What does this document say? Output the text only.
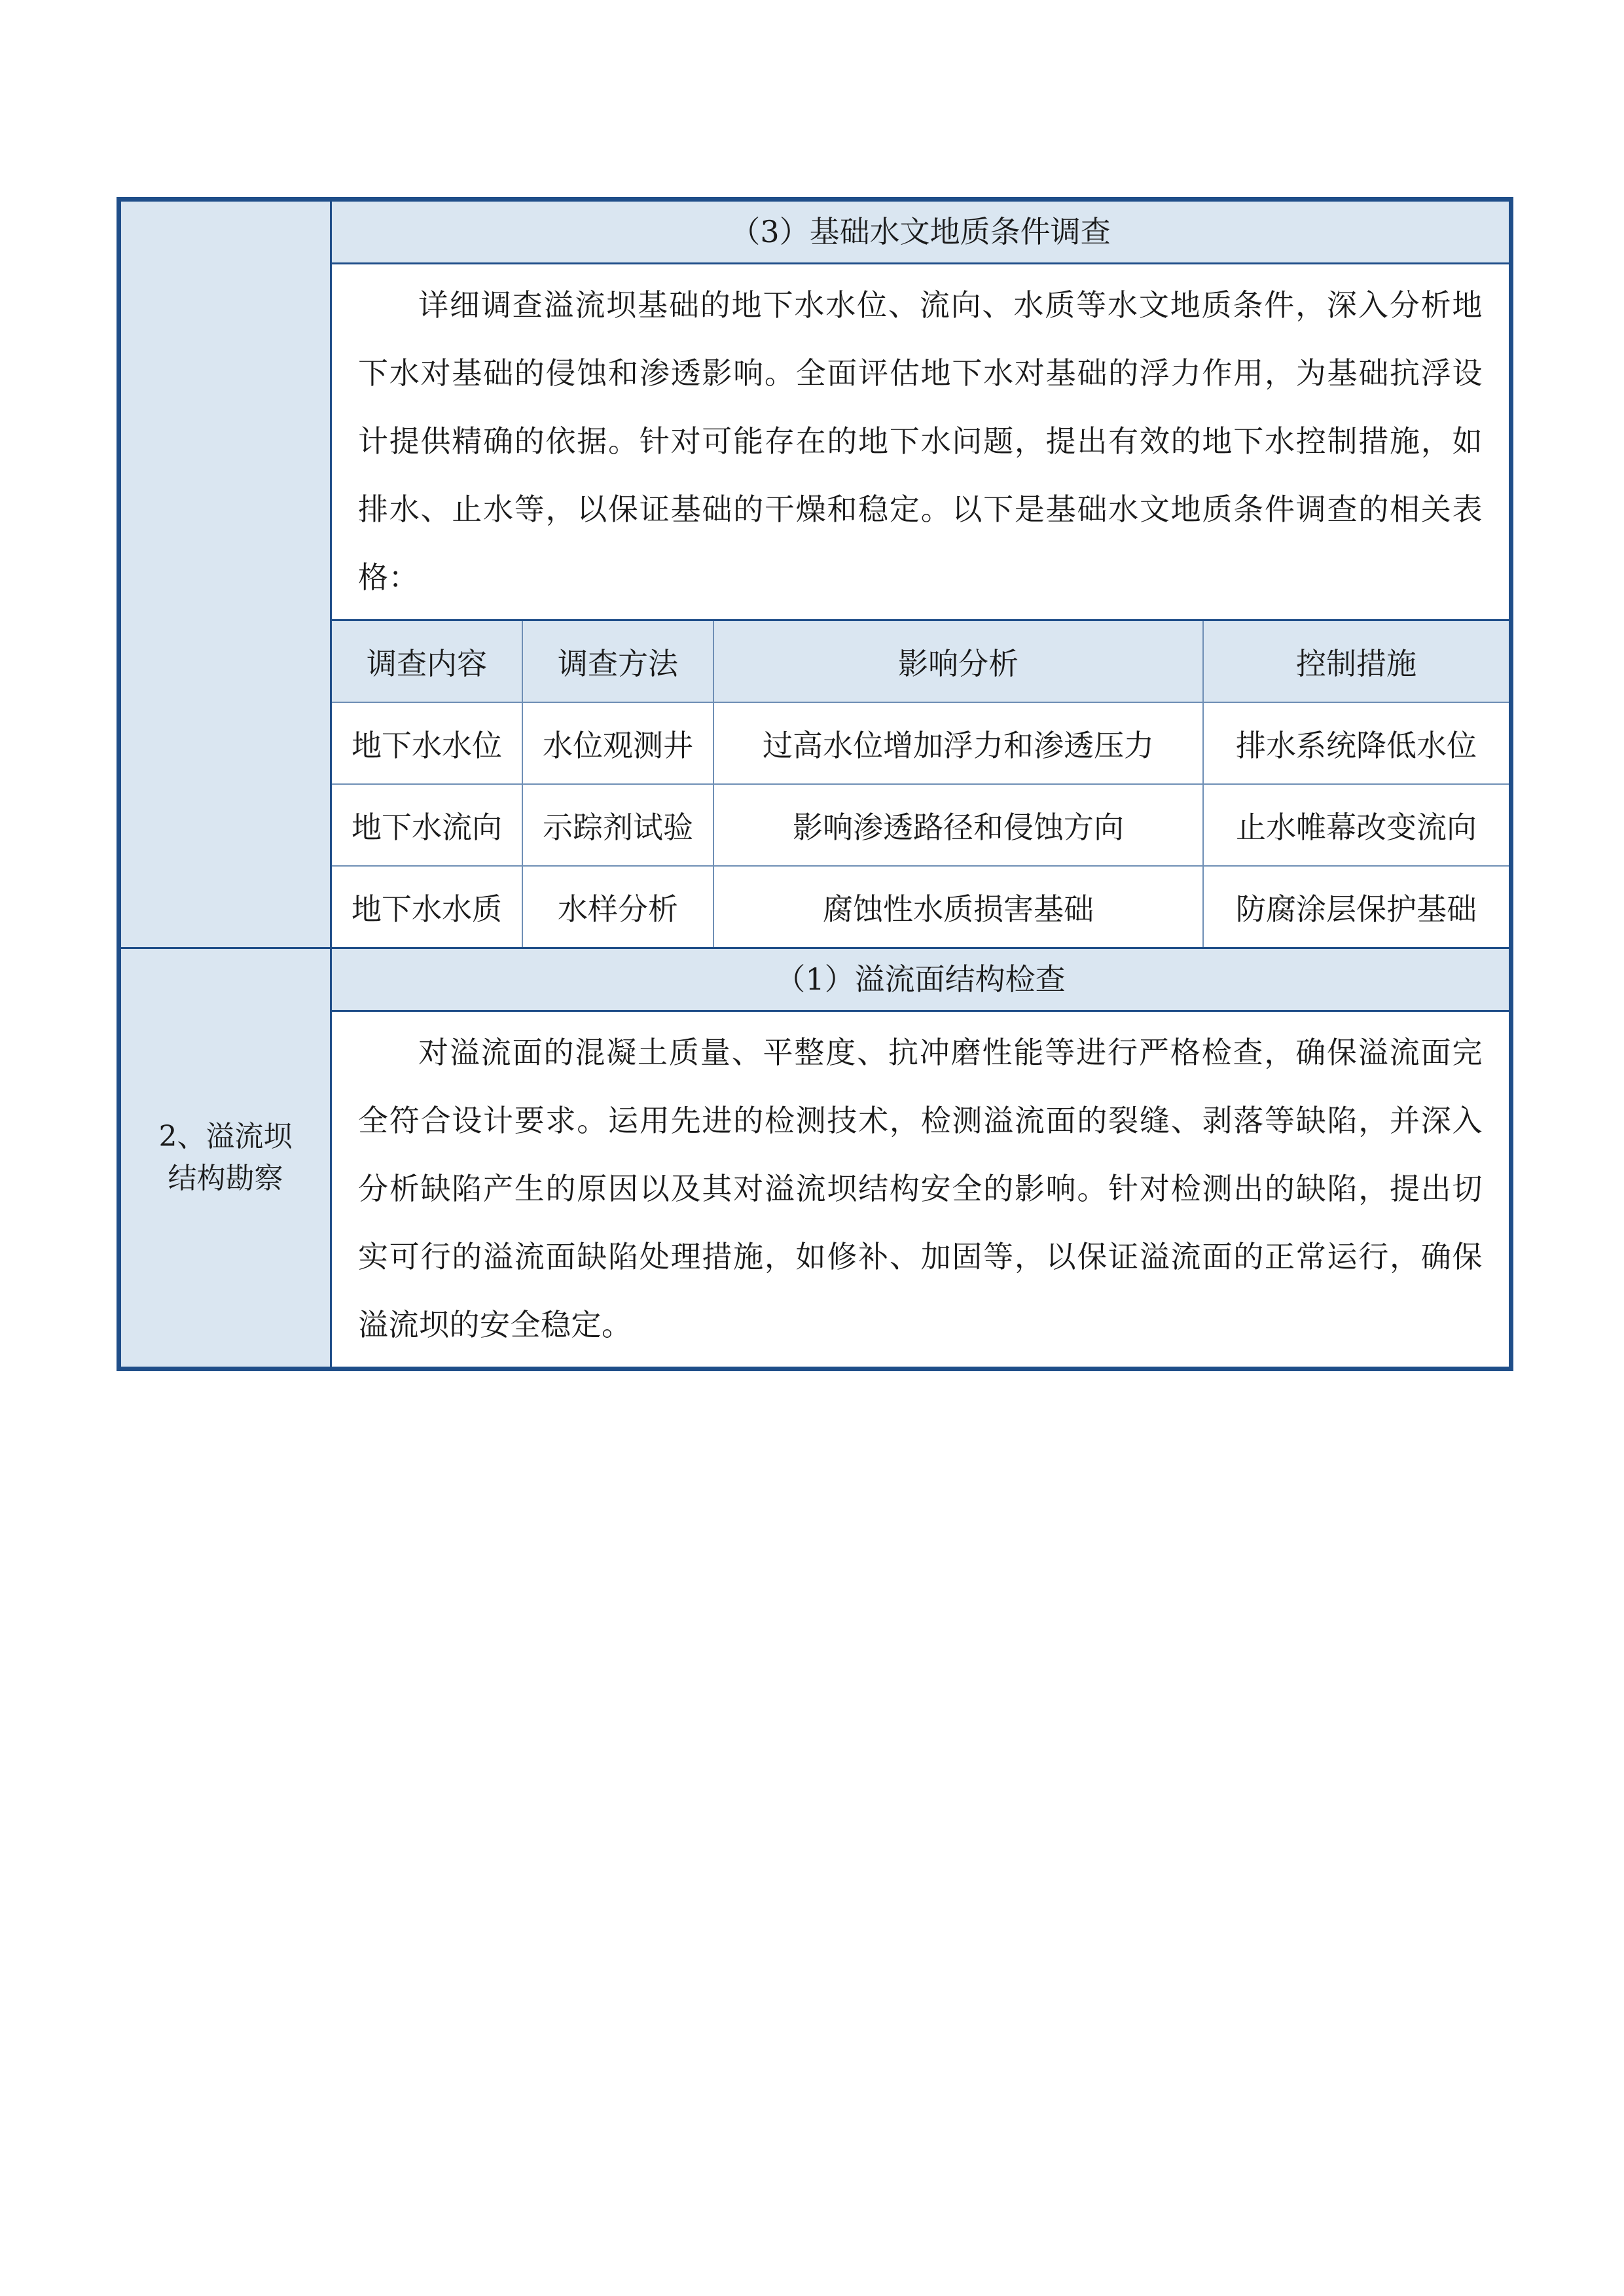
（3）基础水文地质条件调查
详细调查溢流坝基础的地下水水位、流向、水质等水文地质条件，深入分析地下水对基础的侵蚀和渗透影响。全面评估地下水对基础的浮力作用，为基础抗浮设计提供精确的依据。针对可能存在的地下水问题，提出有效的地下水控制措施，如排水、止水等，以保证基础的干燥和稳定。以下是基础水文地质条件调查的相关表格：
调查内容	调查方法	影响分析	控制措施
地下水水位	水位观测井	过高水位增加浮力和渗透压力	排水系统降低水位
地下水流向	示踪剂试验	影响渗透路径和侵蚀方向	止水帷幕改变流向
地下水水质	水样分析	腐蚀性水质损害基础	防腐涂层保护基础
2、溢流坝
结构勘察
（1）溢流面结构检查
对溢流面的混凝土质量、平整度、抗冲磨性能等进行严格检查，确保溢流面完全符合设计要求。运用先进的检测技术，检测溢流面的裂缝、剥落等缺陷，并深入分析缺陷产生的原因以及其对溢流坝结构安全的影响。针对检测出的缺陷，提出切实可行的溢流面缺陷处理措施，如修补、加固等，以保证溢流面的正常运行，确保溢流坝的安全稳定。
